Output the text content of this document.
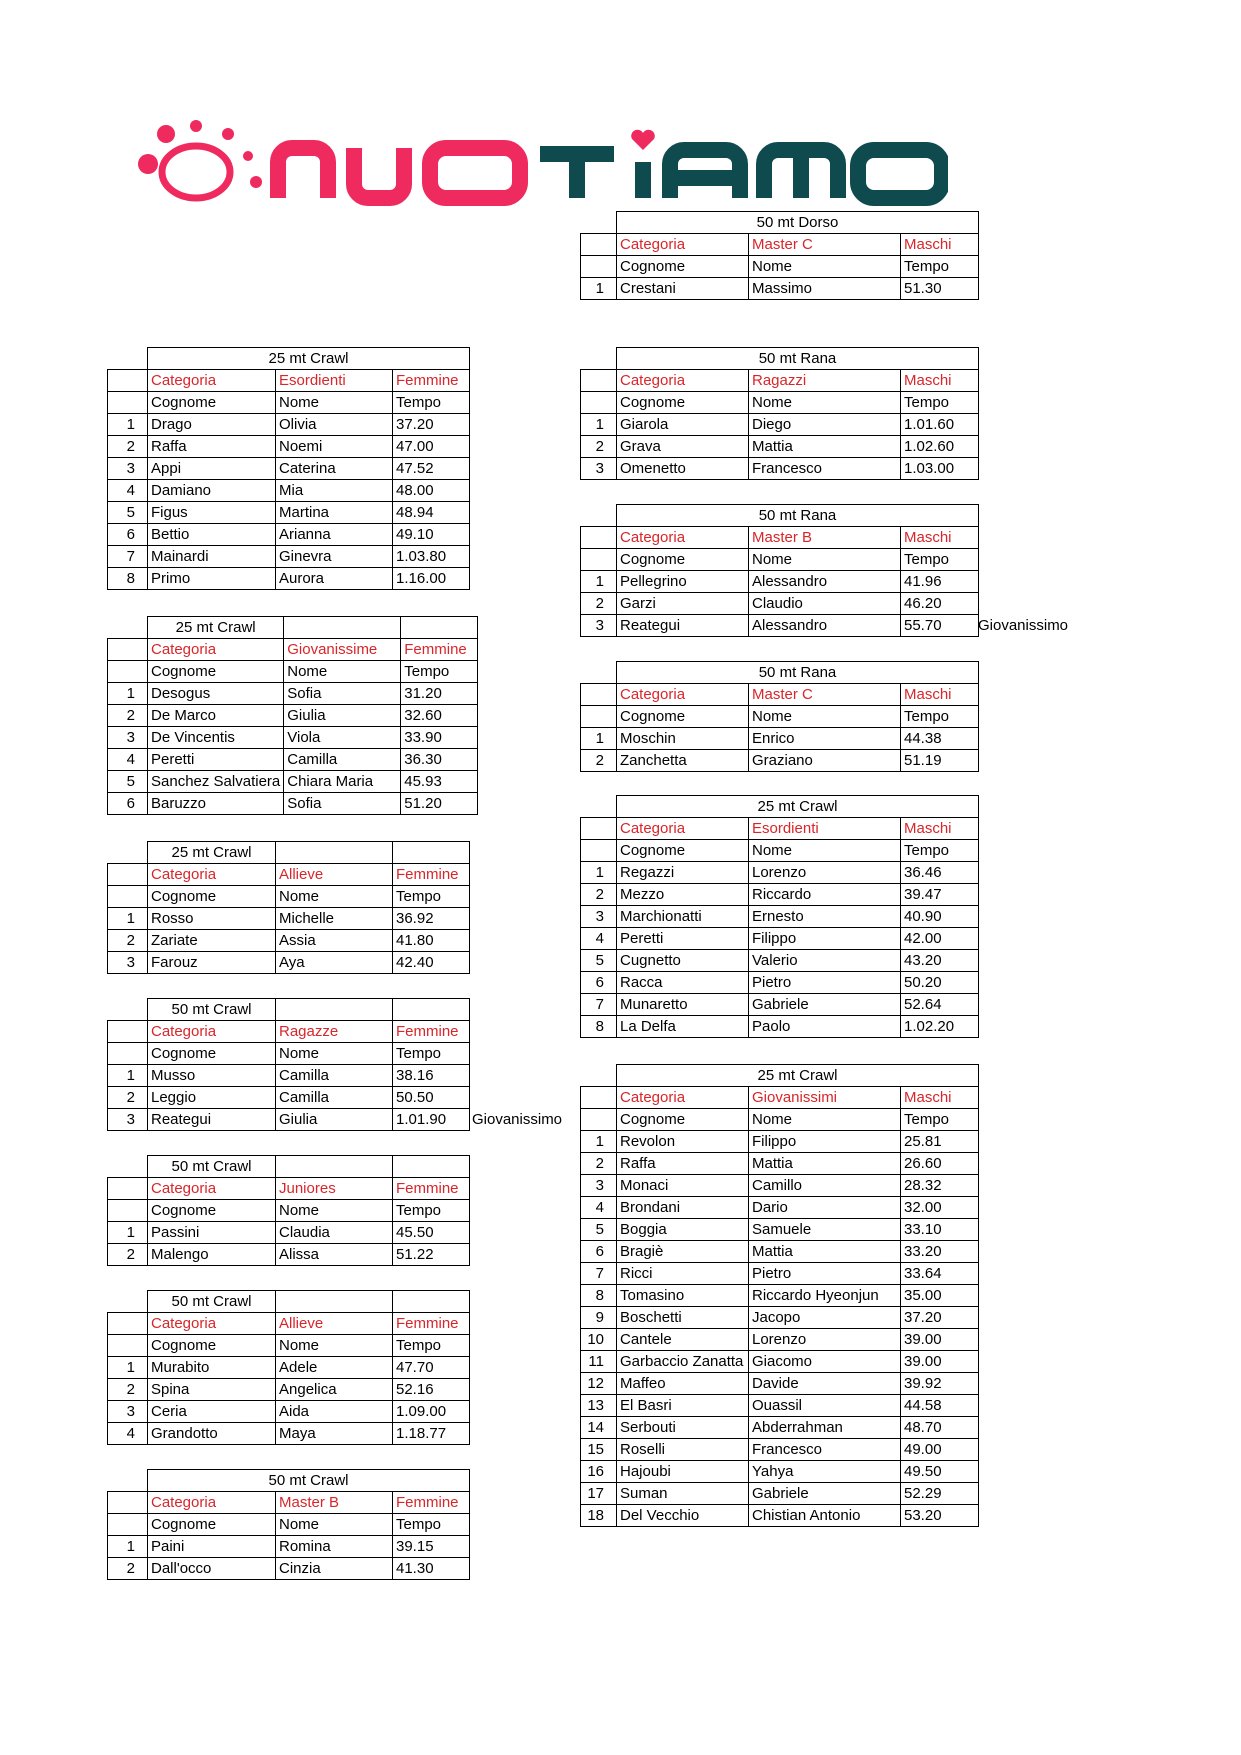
	50 mt Dorso		
	Categoria	Master C	Maschi
	Cognome	Nome	Tempo
1	Crestani	Massimo	51.30
	25 mt Crawl		
	Categoria	Esordienti	Femmine
	Cognome	Nome	Tempo
1	Drago	Olivia	37.20
2	Raffa	Noemi	47.00
3	Appi	Caterina	47.52
4	Damiano	Mia	48.00
5	Figus	Martina	48.94
6	Bettio	Arianna	49.10
7	Mainardi	Ginevra	1.03.80
8	Primo	Aurora	1.16.00
	25 mt Crawl		
	Categoria	Giovanissime	Femmine
	Cognome	Nome	Tempo
1	Desogus	Sofia	31.20
2	De Marco	Giulia	32.60
3	De Vincentis	Viola	33.90
4	Peretti	Camilla	36.30
5	Sanchez Salvatiera	Chiara Maria	45.93
6	Baruzzo	Sofia	51.20
	25 mt Crawl		
	Categoria	Allieve	Femmine
	Cognome	Nome	Tempo
1	Rosso	Michelle	36.92
2	Zariate	Assia	41.80
3	Farouz	Aya	42.40
	50 mt Crawl		
	Categoria	Ragazze	Femmine
	Cognome	Nome	Tempo
1	Musso	Camilla	38.16
2	Leggio	Camilla	50.50
3	Reategui	Giulia	1.01.90
	50 mt Crawl		
	Categoria	Juniores	Femmine
	Cognome	Nome	Tempo
1	Passini	Claudia	45.50
2	Malengo	Alissa	51.22
	50 mt Crawl		
	Categoria	Allieve	Femmine
	Cognome	Nome	Tempo
1	Murabito	Adele	47.70
2	Spina	Angelica	52.16
3	Ceria	Aida	1.09.00
4	Grandotto	Maya	1.18.77
	50 mt Crawl		
	Categoria	Master B	Femmine
	Cognome	Nome	Tempo
1	Paini	Romina	39.15
2	Dall'occo	Cinzia	41.30
	50 mt Rana		
	Categoria	Ragazzi	Maschi
	Cognome	Nome	Tempo
1	Giarola	Diego	1.01.60
2	Grava	Mattia	1.02.60
3	Omenetto	Francesco	1.03.00
	50 mt Rana		
	Categoria	Master B	Maschi
	Cognome	Nome	Tempo
1	Pellegrino	Alessandro	41.96
2	Garzi	Claudio	46.20
3	Reategui	Alessandro	55.70
	50 mt Rana		
	Categoria	Master C	Maschi
	Cognome	Nome	Tempo
1	Moschin	Enrico	44.38
2	Zanchetta	Graziano	51.19
	25 mt Crawl		
	Categoria	Esordienti	Maschi
	Cognome	Nome	Tempo
1	Regazzi	Lorenzo	36.46
2	Mezzo	Riccardo	39.47
3	Marchionatti	Ernesto	40.90
4	Peretti	Filippo	42.00
5	Cugnetto	Valerio	43.20
6	Racca	Pietro	50.20
7	Munaretto	Gabriele	52.64
8	La Delfa	Paolo	1.02.20
	25 mt Crawl		
	Categoria	Giovanissimi	Maschi
	Cognome	Nome	Tempo
1	Revolon	Filippo	25.81
2	Raffa	Mattia	26.60
3	Monaci	Camillo	28.32
4	Brondani	Dario	32.00
5	Boggia	Samuele	33.10
6	Bragiè	Mattia	33.20
7	Ricci	Pietro	33.64
8	Tomasino	Riccardo Hyeonjun	35.00
9	Boschetti	Jacopo	37.20
10	Cantele	Lorenzo	39.00
11	Garbaccio Zanatta	Giacomo	39.00
12	Maffeo	Davide	39.92
13	El Basri	Ouassil	44.58
14	Serbouti	Abderrahman	48.70
15	Roselli	Francesco	49.00
16	Hajoubi	Yahya	49.50
17	Suman	Gabriele	52.29
18	Del Vecchio	Chistian Antonio	53.20
Giovanissimo
Giovanissimo
